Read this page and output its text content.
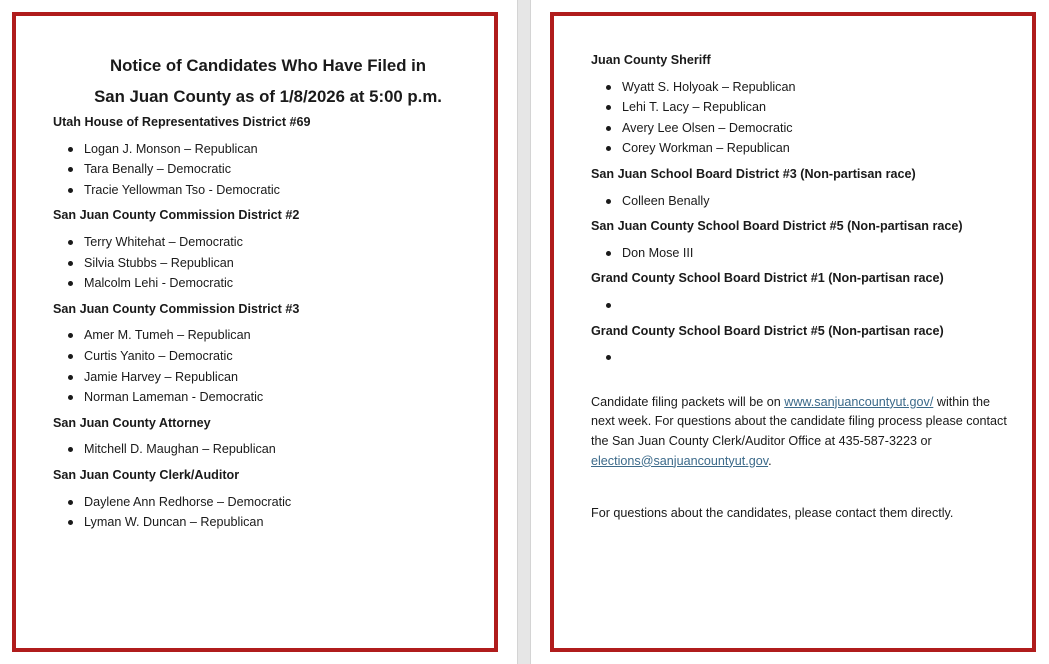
Notice of Candidates Who Have Filed in
San Juan County as of 1/8/2026 at 5:00 p.m.

Utah House of Representatives District #69

Logan J. Monson – Republican
Tara Benally – Democratic
Tracie Yellowman Tso - Democratic

San Juan County Commission District #2

Terry Whitehat – Democratic
Silvia Stubbs – Republican
Malcolm Lehi - Democratic

San Juan County Commission District #3

Amer M. Tumeh – Republican
Curtis Yanito – Democratic
Jamie Harvey – Republican
Norman Lameman - Democratic

San Juan County Attorney

Mitchell D. Maughan – Republican

San Juan County Clerk/Auditor

Daylene Ann Redhorse – Democratic
Lyman W. Duncan – Republican

Juan County Sheriff

Wyatt S. Holyoak – Republican
Lehi T. Lacy – Republican
Avery Lee Olsen – Democratic
Corey Workman – Republican

San Juan School Board District #3 (Non-partisan race)

Colleen Benally

San Juan County School Board District #5 (Non-partisan race)

Don Mose III

Grand County School Board District #1 (Non-partisan race)

Grand County School Board District #5 (Non-partisan race)

Candidate filing packets will be on www.sanjuancountyut.gov/ within the next week. For questions about the candidate filing process please contact the San Juan County Clerk/Auditor Office at 435-587-3223 or elections@sanjuancountyut.gov.

For questions about the candidates, please contact them directly.
